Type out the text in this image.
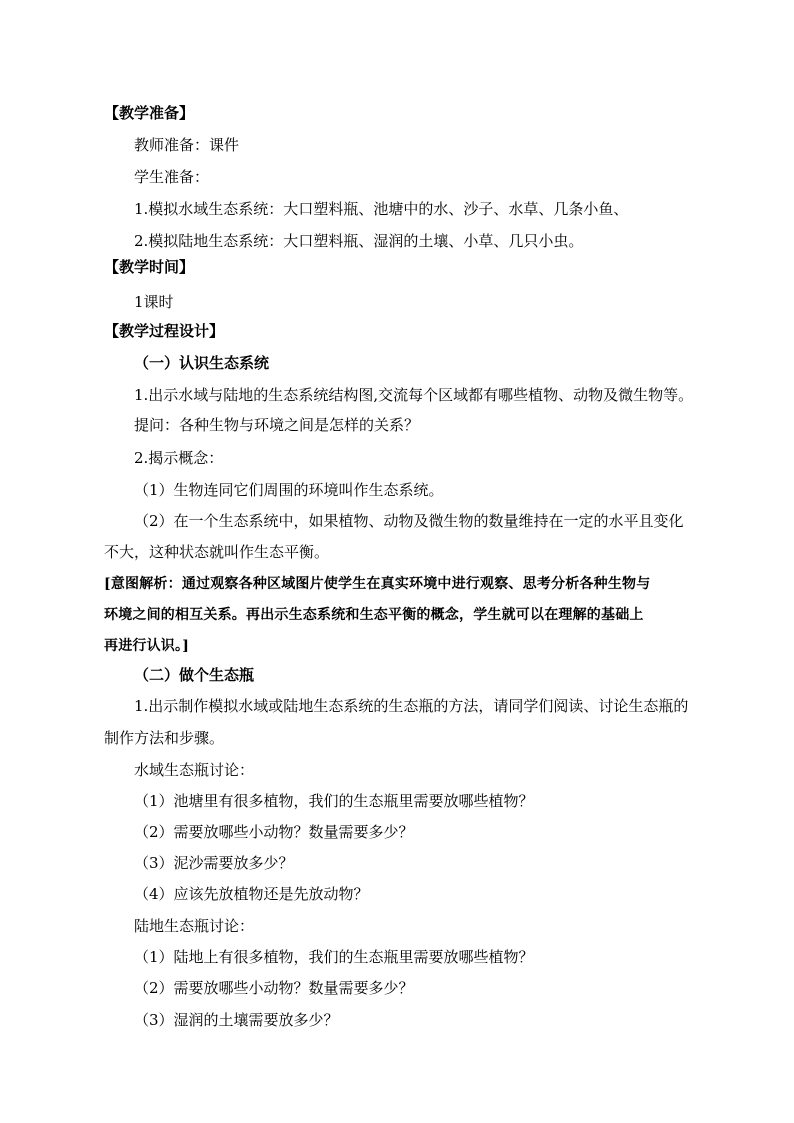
【教学准备】
教师准备：课件
学生准备：
1.模拟水域生态系统：大口塑料瓶、池塘中的水、沙子、水草、几条小鱼、
2.模拟陆地生态系统：大口塑料瓶、湿润的土壤、小草、几只小虫。
【教学时间】
1课时
【教学过程设计】
（一）认识生态系统
1.出示水域与陆地的生态系统结构图,交流每个区域都有哪些植物、动物及微生物等。
提问：各种生物与环境之间是怎样的关系？
2.揭示概念：
（1）生物连同它们周围的环境叫作生态系统。
（2）在一个生态系统中，如果植物、动物及微生物的数量维持在一定的水平且变化
不大，这种状态就叫作生态平衡。
[意图解析：通过观察各种区域图片使学生在真实环境中进行观察、思考分析各种生物与
环境之间的相互关系。再出示生态系统和生态平衡的概念，学生就可以在理解的基础上
再进行认识。]
（二）做个生态瓶
1.出示制作模拟水域或陆地生态系统的生态瓶的方法，请同学们阅读、讨论生态瓶的
制作方法和步骤。
水域生态瓶讨论：
（1）池塘里有很多植物，我们的生态瓶里需要放哪些植物？
（2）需要放哪些小动物？数量需要多少？
（3）泥沙需要放多少？
（4）应该先放植物还是先放动物？
陆地生态瓶讨论：
（1）陆地上有很多植物，我们的生态瓶里需要放哪些植物？
（2）需要放哪些小动物？数量需要多少？
（3）湿润的土壤需要放多少？
